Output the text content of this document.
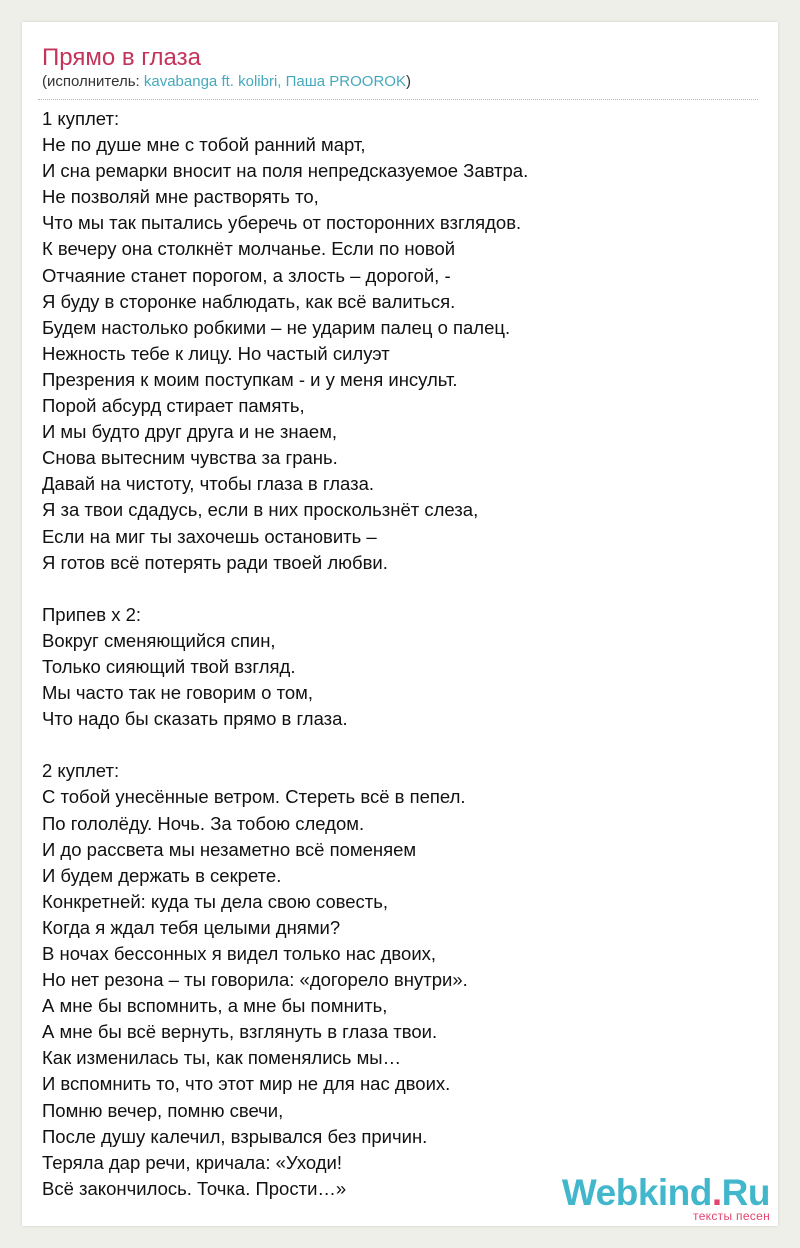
Прямо в глаза
(исполнитель: kavabanga ft. kolibri, Паша PROOROK)
1 куплет:
Не по душе мне с тобой ранний март,
И сна ремарки вносит на поля непредсказуемое Завтра.
Не позволяй мне растворять то,
Что мы так пытались уберечь от посторонних взглядов.
К вечеру она столкнёт молчанье. Если по новой
Отчаяние станет порогом, а злость – дорогой, -
Я буду в сторонке наблюдать, как всё валиться.
Будем настолько робкими – не ударим палец о палец.
Нежность тебе к лицу. Но частый силуэт
Презрения к моим поступкам - и у меня инсульт.
Порой абсурд стирает память,
И мы будто друг друга и не знаем,
Снова вытесним чувства за грань.
Давай на чистоту, чтобы глаза в глаза.
Я за твои сдадусь, если в них проскользнёт слеза,
Если на миг ты захочешь остановить –
Я готов всё потерять ради твоей любви.
Припев х 2:
Вокруг сменяющийся спин,
Только сияющий твой взгляд.
Мы часто так не говорим о том,
Что надо бы сказать прямо в глаза.
2 куплет:
С тобой унесённые ветром. Стереть всё в пепел.
По гололёду. Ночь. За тобою следом.
И до рассвета мы незаметно всё поменяем
И будем держать в секрете.
Конкретней: куда ты дела свою совесть,
Когда я ждал тебя целыми днями?
В ночах бессонных я видел только нас двоих,
Но нет резона – ты говорила: «догорело внутри».
А мне бы вспомнить, а мне бы помнить,
А мне бы всё вернуть, взглянуть в глаза твои.
Как изменилась ты, как поменялись мы…
И вспомнить то, что этот мир не для нас двоих.
Помню вечер, помню свечи,
После душу калечил, взрывался без причин.
Теряла дар речи, кричала: «Уходи!
Всё закончилось. Точка. Прости…»	Webkind.Ru
тексты песен
